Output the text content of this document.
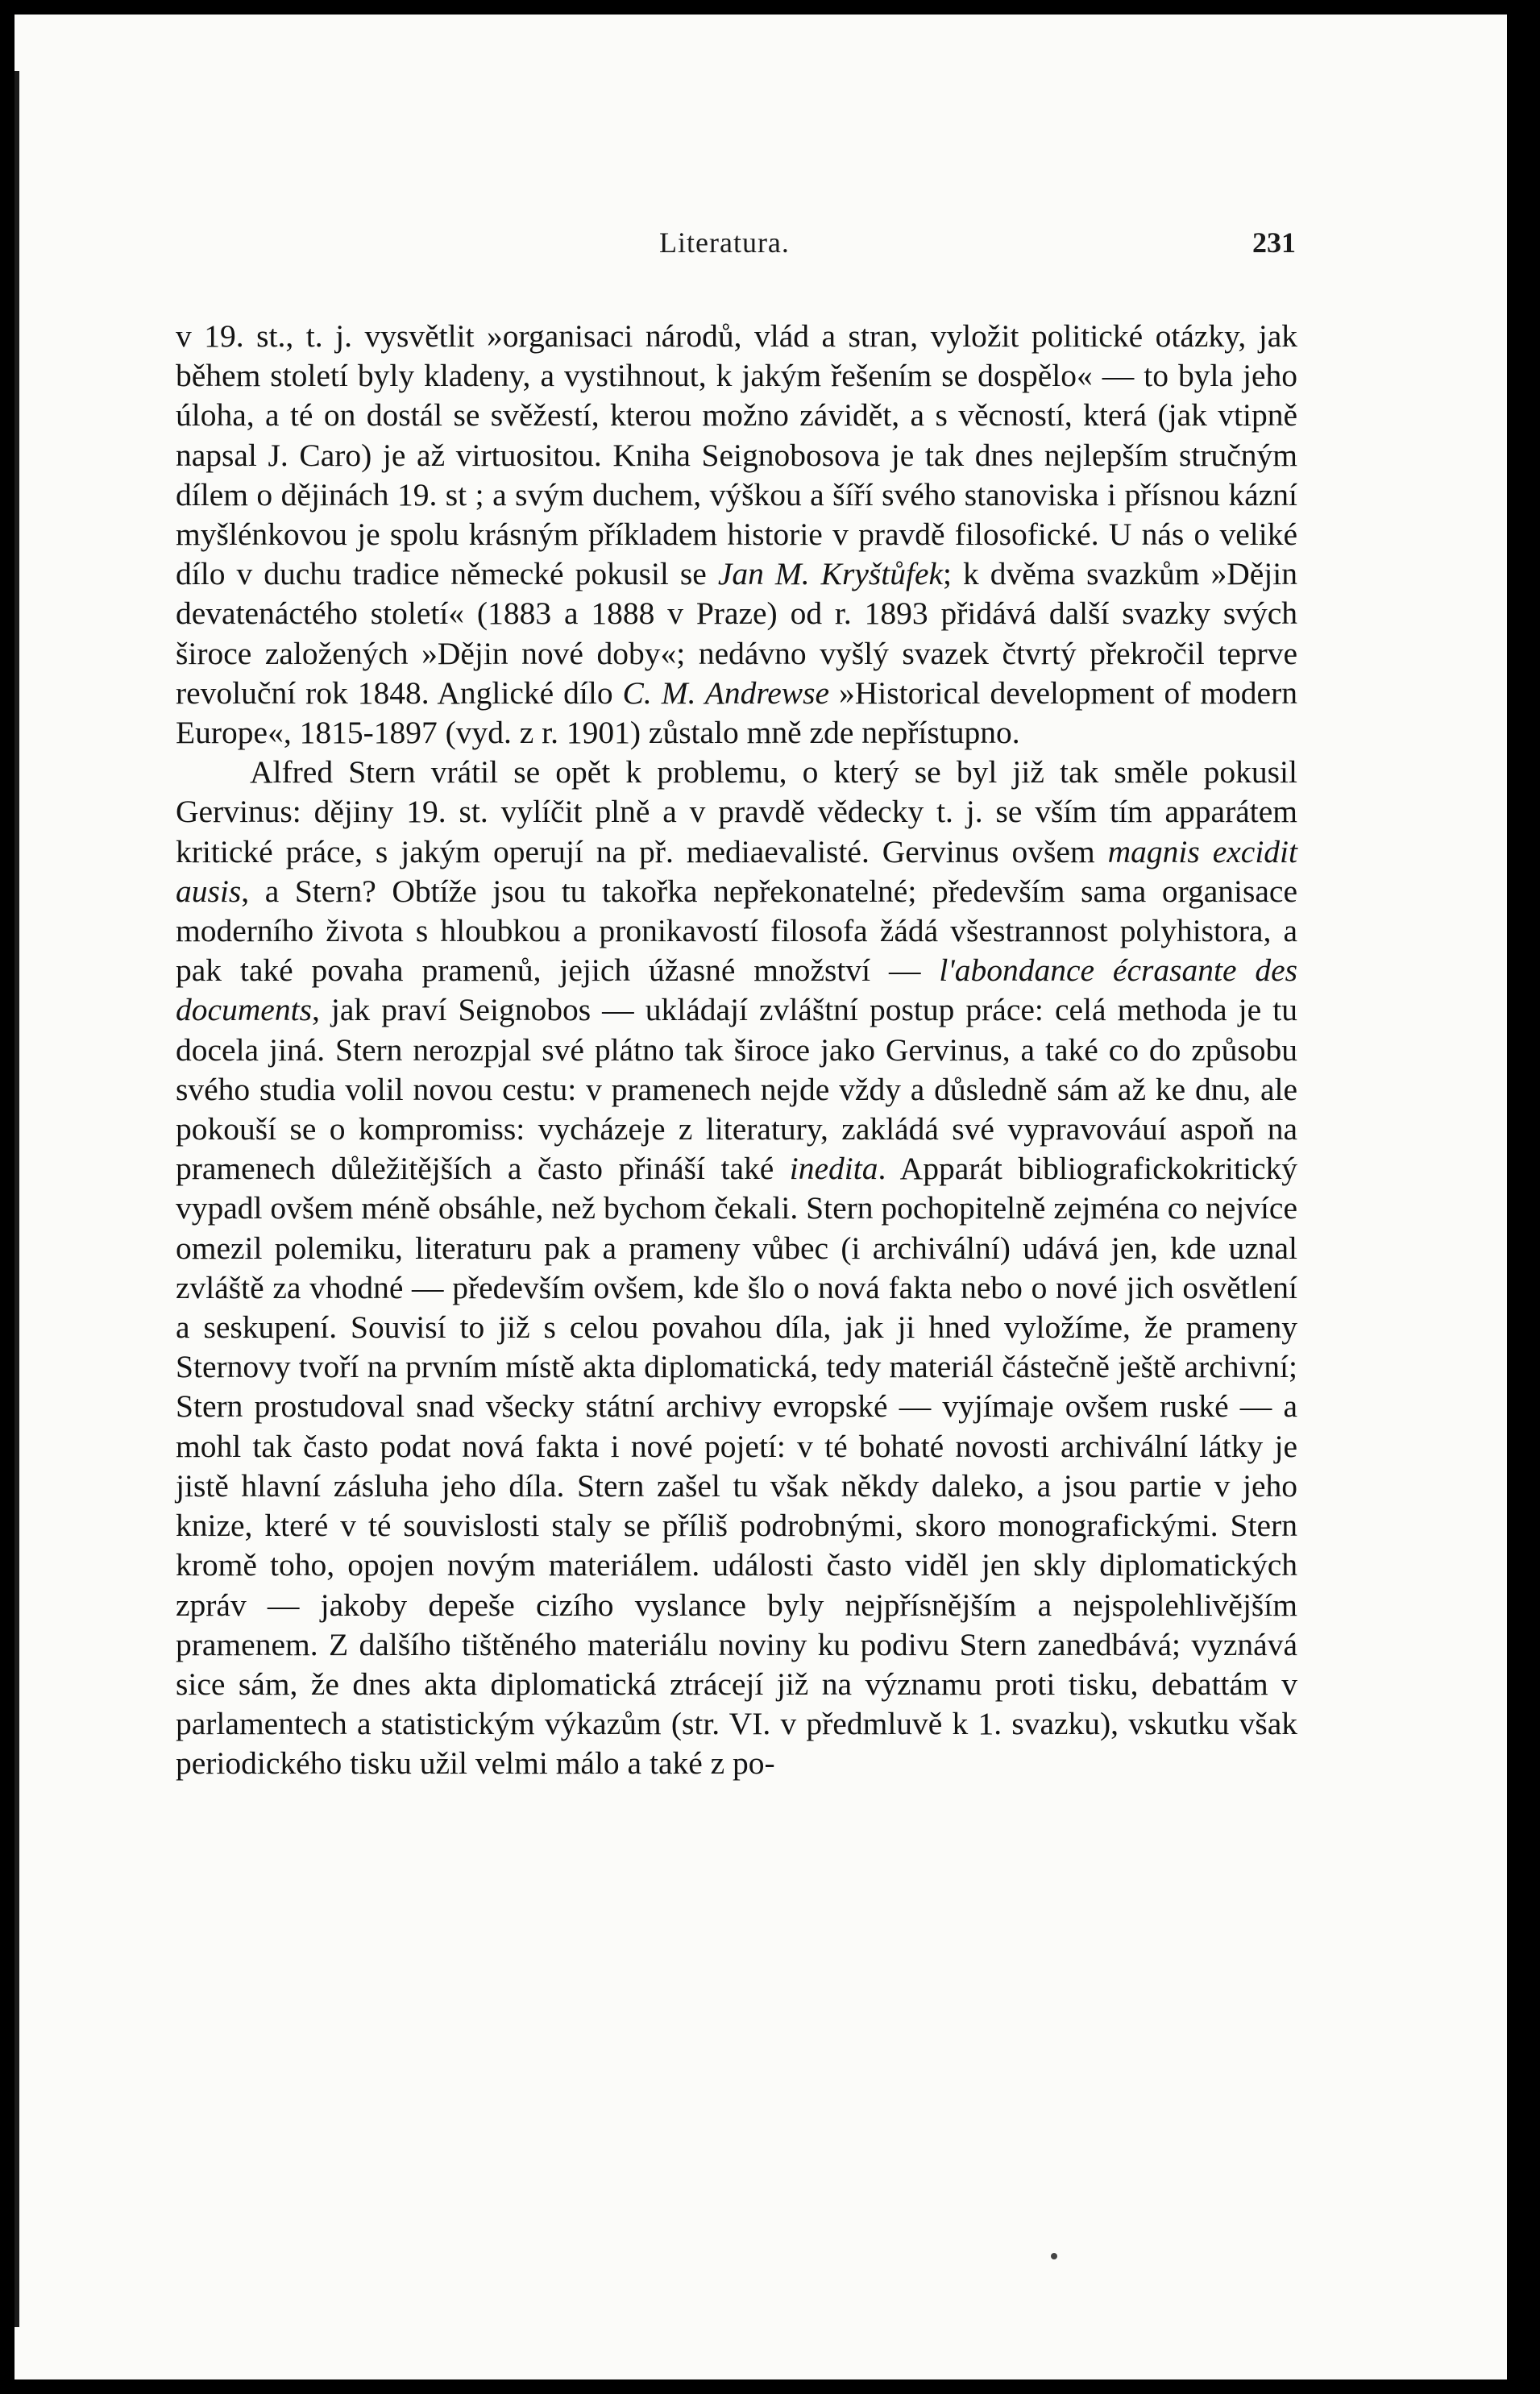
Literatura.	231

v 19. st., t. j. vysvětlit »organisaci národů, vlád a stran, vyložit politické otázky, jak během století byly kladeny, a vystihnout, k jakým řešením se dospělo« — to byla jeho úloha, a té on dostál se svěžestí, kterou možno závidět, a s věcností, která (jak vtipně napsal J. Caro) je až virtuositou. Kniha Seignobosova je tak dnes nejlepším stručným dílem o dějinách 19. st ; a svým duchem, výškou a šíří svého stanoviska i přísnou kázní myšlénkovou je spolu krásným příkladem historie v pravdě filosofické. U nás o veliké dílo v duchu tradice německé pokusil se Jan M. Kryštůfek; k dvěma svazkům »Dějin devatenáctého století« (1883 a 1888 v Praze) od r. 1893 přidává další svazky svých široce založených »Dějin nové doby«; nedávno vyšlý svazek čtvrtý překročil teprve revoluční rok 1848. Anglické dílo C. M. Andrewse »Historical development of modern Europe«, 1815-1897 (vyd. z r. 1901) zůstalo mně zde nepřístupno.

Alfred Stern vrátil se opět k problemu, o který se byl již tak směle pokusil Gervinus: dějiny 19. st. vylíčit plně a v pravdě vědecky t. j. se vším tím apparátem kritické práce, s jakým operují na př. mediaevalisté. Gervinus ovšem magnis excidit ausis, a Stern? Obtíže jsou tu takořka nepřekonatelné; především sama organisace moderního života s hloubkou a pronikavostí filosofa žádá všestrannost polyhistora, a pak také povaha pramenů, jejich úžasné množství — l'abondance écrasante des documents, jak praví Seignobos — ukládají zvláštní postup práce: celá methoda je tu docela jiná. Stern nerozpjal své plátno tak široce jako Gervinus, a také co do způsobu svého studia volil novou cestu: v pramenech nejde vždy a důsledně sám až ke dnu, ale pokouší se o kompromiss: vycházeje z literatury, zakládá své vypravováuí aspoň na pramenech důležitějších a často přináší také inedita. Apparát bibliografickokritický vypadl ovšem méně obsáhle, než bychom čekali. Stern pochopitelně zejména co nejvíce omezil polemiku, literaturu pak a prameny vůbec (i archivální) udává jen, kde uznal zvláště za vhodné — především ovšem, kde šlo o nová fakta nebo o nové jich osvětlení a seskupení. Souvisí to již s celou povahou díla, jak ji hned vyložíme, že prameny Sternovy tvoří na prvním místě akta diplomatická, tedy materiál částečně ještě archivní; Stern prostudoval snad všecky státní archivy evropské — vyjímaje ovšem ruské — a mohl tak často podat nová fakta i nové pojetí: v té bohaté novosti archivální látky je jistě hlavní zásluha jeho díla. Stern zašel tu však někdy daleko, a jsou partie v jeho knize, které v té souvislosti staly se příliš podrobnými, skoro monografickými. Stern kromě toho, opojen novým materiálem. události často viděl jen skly diplomatických zpráv — jakoby depeše cizího vyslance byly nejpřísnějším a nejspolehlivějším pramenem. Z dalšího tištěného materiálu noviny ku podivu Stern zanedbává; vyznává sice sám, že dnes akta diplomatická ztrácejí již na významu proti tisku, debattám v parlamentech a statistickým výkazům (str. VI. v předmluvě k 1. svazku), vskutku však periodického tisku užil velmi málo a také z po-
